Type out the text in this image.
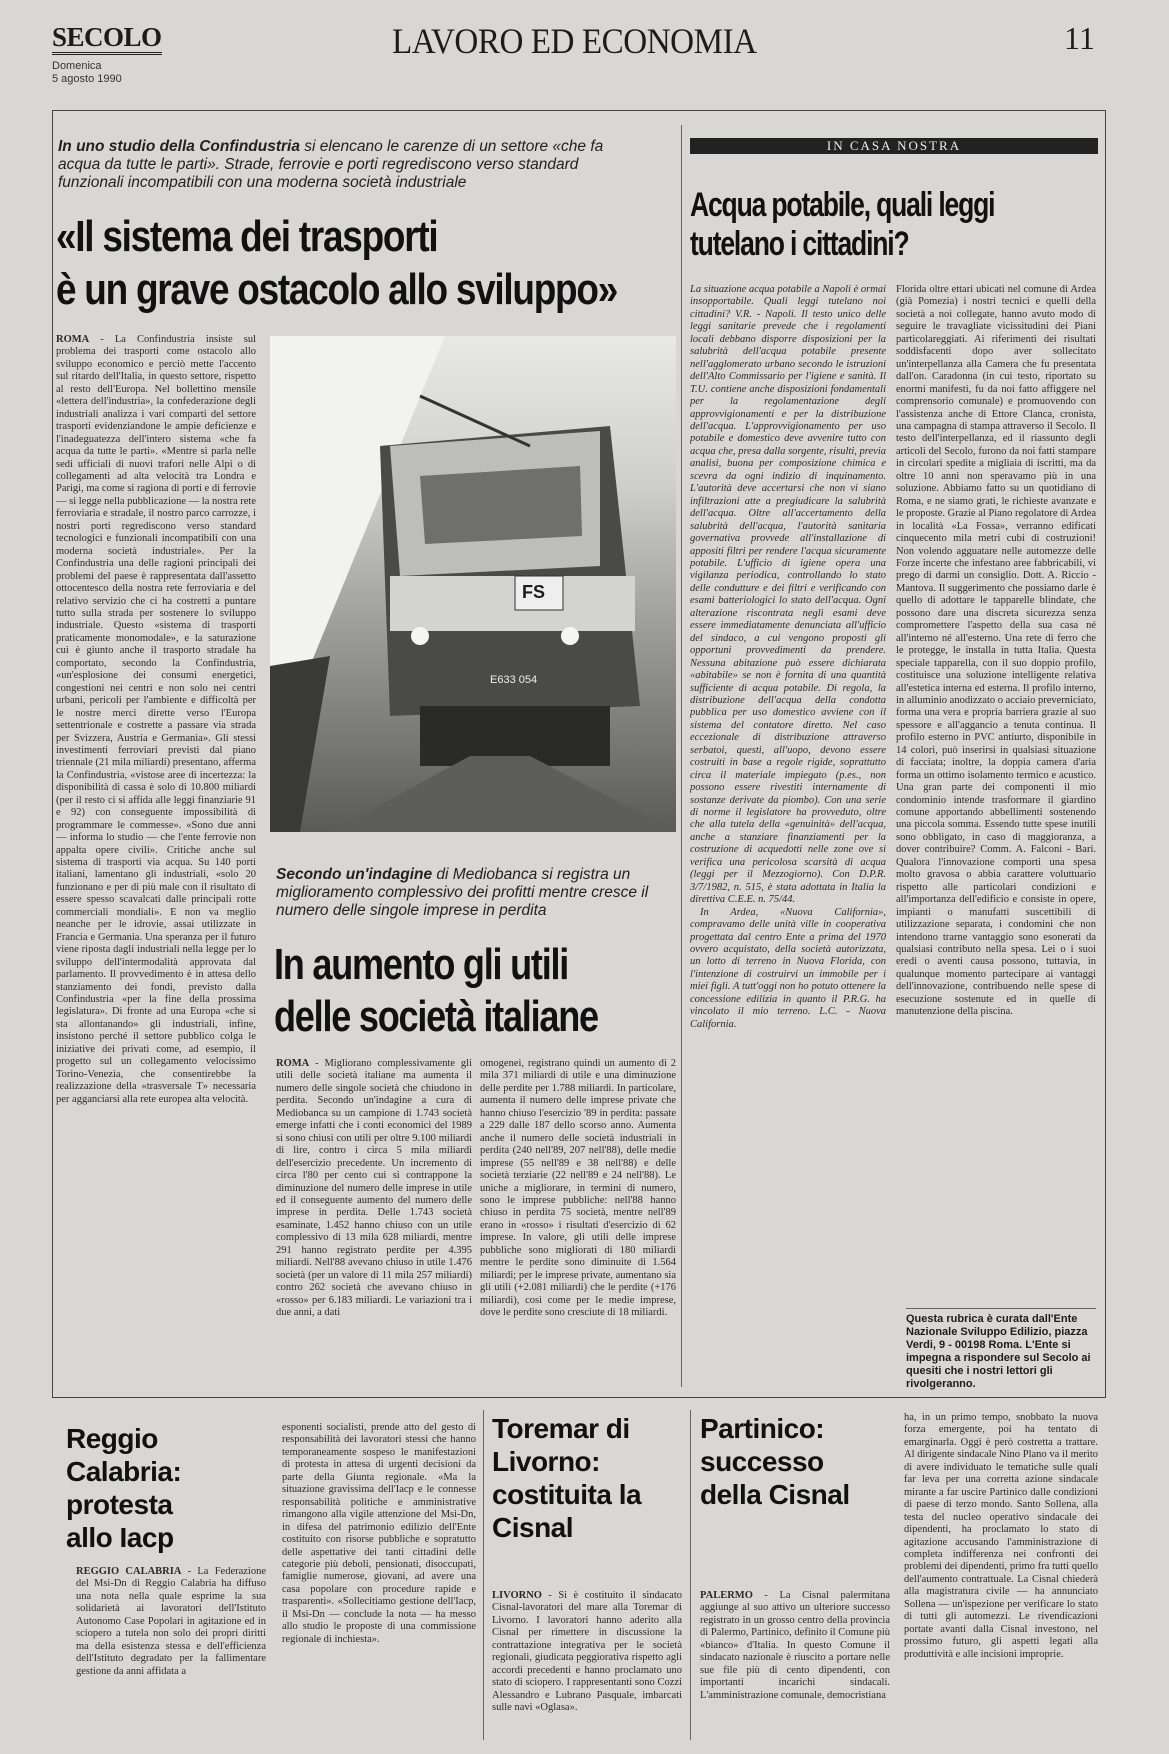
SECOLO
Domenica
5 agosto 1990
LAVORO ED ECONOMIA	11
In uno studio della Confindustria si elencano le carenze di un settore «che fa acqua da tutte le parti». Strade, ferrovie e porti regrediscono verso standard funzionali incompatibili con una moderna società industriale
«Il sistema dei trasporti
è un grave ostacolo allo sviluppo»

ROMA - La Confindustria insiste sul problema dei trasporti come ostacolo allo sviluppo economico e perciò mette l'accento sul ritardo dell'Italia, in questo settore, rispetto al resto dell'Europa. Nel bollettino mensile «lettera dell'industria», la confederazione degli industriali analizza i vari comparti del settore trasporti evidenziandone le ampie deficienze e l'inadeguatezza dell'intero sistema «che fa acqua da tutte le parti». «Mentre si parla nelle sedi ufficiali di nuovi trafori nelle Alpi o di collegamenti ad alta velocità tra Londra e Parigi, ma come si ragiona di porti e di ferrovie — si legge nella pubblicazione — la nostra rete ferroviaria e stradale, il nostro parco carrozze, i nostri porti regrediscono verso standard tecnologici e funzionali incompatibili con una moderna società industriale». Per la Confindustria una delle ragioni principali dei problemi del paese è rappresentata dall'assetto ottocentesco della nostra rete ferroviaria e del relativo servizio che ci ha costretti a puntare tutto sulla strada per sostenere lo sviluppo industriale. Questo «sistema di trasporti praticamente monomodale», e la saturazione cui è giunto anche il trasporto stradale ha comportato, secondo la Confindustria, «un'esplosione dei consumi energetici, congestioni nei centri e non solo nei centri urbani, pericoli per l'ambiente e difficoltà per le nostre merci dirette verso l'Europa settentrionale e costrette a passare via strada per Svizzera, Austria e Germania». Gli stessi investimenti ferroviari previsti dal piano triennale (21 mila miliardi) presentano, afferma la Confindustria, «vistose aree di incertezza: la disponibilità di cassa è solo di 10.800 miliardi (per il resto ci si affida alle leggi finanziarie 91 e 92) con conseguente impossibilità di programmare le commesse». «Sono due anni — informa lo studio — che l'ente ferrovie non appalta opere civili». Critiche anche sul sistema di trasporti via acqua. Su 140 porti italiani, lamentano gli industriali, «solo 20 funzionano e per di più male con il risultato di essere spesso scavalcati dalle principali rotte commerciali mondiali». E non va meglio neanche per le idrovie, assai utilizzate in Francia e Germania. Una speranza per il futuro viene riposta dagli industriali nella legge per lo sviluppo dell'intermodalità approvata dal parlamento. Il provvedimento è in attesa dello stanziamento dei fondi, previsto dalla Confindustria «per la fine della prossima legislatura». Di fronte ad una Europa «che si sta allontanando» gli industriali, infine, insistono perché il settore pubblico colga le iniziative dei privati come, ad esempio, il progetto sul un collegamento velocissimo Torino-Venezia, che consentirebbe la realizzazione della «trasversale T» necessaria per agganciarsi alla rete europea alta velocità.

FS
E633 054
Secondo un'indagine di Mediobanca si registra un miglioramento complessivo dei profitti mentre cresce il numero delle singole imprese in perdita
In aumento gli utili
delle società italiane

ROMA - Migliorano complessivamente gli utili delle società italiane ma aumenta il numero delle singole società che chiudono in perdita. Secondo un'indagine a cura di Mediobanca su un campione di 1.743 società emerge infatti che i conti economici del 1989 si sono chiusi con utili per oltre 9.100 miliardi di lire, contro i circa 5 mila miliardi dell'esercizio precedente. Un incremento di circa l'80 per cento cui si contrappone la diminuzione del numero delle imprese in utile ed il conseguente aumento del numero delle imprese in perdita. Delle 1.743 società esaminate, 1.452 hanno chiuso con un utile complessivo di 13 mila 628 miliardi, mentre 291 hanno registrato perdite per 4.395 miliardi. Nell'88 avevano chiuso in utile 1.476 società (per un valore di 11 mila 257 miliardi) contro 262 società che avevano chiuso in «rosso» per 6.183 miliardi. Le variazioni tra i due anni, a dati

omogenei, registrano quindi un aumento di 2 mila 371 miliardi di utile e una diminuzione delle perdite per 1.788 miliardi. In particolare, aumenta il numero delle imprese private che hanno chiuso l'esercizio '89 in perdita: passate a 229 dalle 187 dello scorso anno. Aumenta anche il numero delle società industriali in perdita (240 nell'89, 207 nell'88), delle medie imprese (55 nell'89 e 38 nell'88) e delle società terziarie (22 nell'89 e 24 nell'88). Le uniche a migliorare, in termini di numero, sono le imprese pubbliche: nell'88 hanno chiuso in perdita 75 società, mentre nell'89 erano in «rosso» i risultati d'esercizio di 62 imprese. In valore, gli utili delle imprese pubbliche sono migliorati di 180 miliardi mentre le perdite sono diminuite di 1.564 miliardi; per le imprese private, aumentano sia gli utili (+2.081 miliardi) che le perdite (+176 miliardi), così come per le medie imprese, dove le perdite sono cresciute di 18 miliardi.

IN CASA NOSTRA
Acqua potabile, quali leggi
tutelano i cittadini?

La situazione acqua potabile a Napoli è ormai insopportabile. Quali leggi tutelano noi cittadini? V.R. - Napoli. Il testo unico delle leggi sanitarie prevede che i regolamenti locali debbano disporre disposizioni per la salubrità dell'acqua potabile presente nell'agglomerato urbano secondo le istruzioni dell'Alto Commissario per l'igiene e sanità. Il T.U. contiene anche disposizioni fondamentali per la regolamentazione degli approvvigionamenti e per la distribuzione dell'acqua. L'approvvigionamento per uso potabile e domestico deve avvenire tutto con acqua che, presa dalla sorgente, risulti, previa analisi, buona per composizione chimica e scevra da ogni indizio di inquinamento. L'autorità deve accertarsi che non vi siano infiltrazioni atte a pregiudicare la salubrità dell'acqua. Oltre all'accertamento della salubrità dell'acqua, l'autorità sanitaria governativa provvede all'installazione di appositi filtri per rendere l'acqua sicuramente potabile. L'ufficio di igiene opera una vigilanza periodica, controllando lo stato delle condutture e dei filtri e verificando con esami batteriologici lo stato dell'acqua. Ogni alterazione riscontrata negli esami deve essere immediatamente denunciata all'ufficio del sindaco, a cui vengono proposti gli opportuni provvedimenti da prendere. Nessuna abitazione può essere dichiarata «abitabile» se non è fornita di una quantità sufficiente di acqua potabile. Di regola, la distribuzione dell'acqua della condotta pubblica per uso domestico avviene con il sistema del contatore diretto. Nel caso eccezionale di distribuzione attraverso serbatoi, questi, all'uopo, devono essere costruiti in base a regole rigide, soprattutto circa il materiale impiegato (p.es., non possono essere rivestiti internamente di sostanze derivate da piombo). Con una serie di norme il legislatore ha provveduto, oltre che alla tutela della «genuinità» dell'acqua, anche a stanziare finanziamenti per la costruzione di acquedotti nelle zone ove si verifica una pericolosa scarsità di acqua (leggi per il Mezzogiorno). Con D.P.R. 3/7/1982, n. 515, è stata adottata in Italia la direttiva C.E.E. n. 75/44.

In Ardea, «Nuova California», compravamo delle unità ville in cooperativa progettata dal centro Ente a prima del 1970 ovvero acquistato, della società autorizzata, un lotto di terreno in Nuova Florida, con l'intenzione di costruirvi un immobile per i miei figli. A tutt'oggi non ho potuto ottenere la concessione edilizia in quanto il P.R.G. ha vincolato il mio terreno. L.C. - Nuova California.

Florida oltre ettari ubicati nel comune di Ardea (già Pomezia) i nostri tecnici e quelli della società a noi collegate, hanno avuto modo di seguire le travagliate vicissitudini dei Piani particolareggiati. Ai riferimenti dei risultati soddisfacenti dopo aver sollecitato un'interpellanza alla Camera che fu presentata dall'on. Caradonna (in cui testo, riportato su enormi manifesti, fu da noi fatto affiggere nel comprensorio comunale) e promuovendo con l'assistenza anche di Ettore Clanca, cronista, una campagna di stampa attraverso il Secolo. Il testo dell'interpellanza, ed il riassunto degli articoli del Secolo, furono da noi fatti stampare in circolari spedite a migliaia di iscritti, ma da oltre 10 anni non speravamo più in una soluzione. Abbiamo fatto su un quotidiano di Roma, e ne siamo grati, le richieste avanzate e le proposte. Grazie al Piano regolatore di Ardea in località «La Fossa», verranno edificati cinquecento mila metri cubi di costruzioni! Non volendo agguatare nelle automezze delle Forze incerte che infestano aree fabbricabili, vi prego di darmi un consiglio. Dott. A. Riccio - Mantova. Il suggerimento che possiamo darle è quello di adottare le tapparelle blindate, che possono dare una discreta sicurezza senza compromettere l'aspetto della sua casa né all'interno né all'esterno. Una rete di ferro che le protegge, le installa in tutta Italia. Questa speciale tapparella, con il suo doppio profilo, costituisce una soluzione intelligente relativa all'estetica interna ed esterna. Il profilo interno, in alluminio anodizzato o acciaio preverniciato, forma una vera e propria barriera grazie al suo spessore e all'aggancio a tenuta continua. Il profilo esterno in PVC antiurto, disponibile in 14 colori, può inserirsi in qualsiasi situazione di facciata; inoltre, la doppia camera d'aria forma un ottimo isolamento termico e acustico. Una gran parte dei componenti il mio condominio intende trasformare il giardino comune apportando abbellimenti sostenendo una piccola somma. Essendo tutte spese inutili sono obbligato, in caso di maggioranza, a dover contribuire? Comm. A. Falconi - Bari. Qualora l'innovazione comporti una spesa molto gravosa o abbia carattere voluttuario rispetto alle particolari condizioni e all'importanza dell'edificio e consiste in opere, impianti o manufatti suscettibili di utilizzazione separata, i condomini che non intendono trarne vantaggio sono esonerati da qualsiasi contributo nella spesa. Lei o i suoi eredi o aventi causa possono, tuttavia, in qualunque momento partecipare ai vantaggi dell'innovazione, contribuendo nelle spese di esecuzione sostenute ed in quelle di manutenzione della piscina.

Questa rubrica è curata dall'Ente Nazionale Sviluppo Edilizio, piazza Verdi, 9 - 00198 Roma. L'Ente si impegna a rispondere sul Secolo ai quesiti che i nostri lettori gli rivolgeranno.
Reggio Calabria: protesta allo Iacp

REGGIO CALABRIA - La Federazione del Msi-Dn di Reggio Calabria ha diffuso una nota nella quale esprime la sua solidarietà ai lavoratori dell'Istituto Autonomo Case Popolari in agitazione ed in sciopero a tutela non solo dei propri diritti ma della esistenza stessa e dell'efficienza dell'Istituto degradato per la fallimentare gestione da anni affidata a

esponenti socialisti, prende atto del gesto di responsabilità dei lavoratori stessi che hanno temporaneamente sospeso le manifestazioni di protesta in attesa di urgenti decisioni da parte della Giunta regionale. «Ma la situazione gravissima dell'Iacp e le connesse responsabilità politiche e amministrative rimangono alla vigile attenzione del Msi-Dn, in difesa del patrimonio edilizio dell'Ente costituito con risorse pubbliche e sopratutto delle aspettative dei tanti cittadini delle categorie più deboli, pensionati, disoccupati, famiglie numerose, giovani, ad avere una casa popolare con procedure rapide e trasparenti». «Sollecitiamo gestione dell'Iacp, il Msi-Dn — conclude la nota — ha messo allo studio le proposte di una commissione regionale di inchiesta».

Toremar di Livorno: costituita la Cisnal

LIVORNO - Si è costituito il sindacato Cisnal-lavoratori del mare alla Toremar di Livorno. I lavoratori hanno aderito alla Cisnal per rimettere in discussione la contrattazione integrativa per le società regionali, giudicata peggiorativa rispetto agli accordi precedenti e hanno proclamato uno stato di sciopero. I rappresentanti sono Cozzi Alessandro e Lubrano Pasquale, imbarcati sulle navi «Oglasa».

Partinico: successo della Cisnal

PALERMO - La Cisnal palermitana aggiunge al suo attivo un ulteriore successo registrato in un grosso centro della provincia di Palermo, Partinico, definito il Comune più «bianco» d'Italia. In questo Comune il sindacato nazionale è riuscito a portare nelle sue file più di cento dipendenti, con importanti incarichi sindacali. L'amministrazione comunale, democristiana

ha, in un primo tempo, snobbato la nuova forza emergente, poi ha tentato di emarginarla. Oggi è però costretta a trattare. Al dirigente sindacale Nino Plano va il merito di avere individuato le tematiche sulle quali far leva per una corretta azione sindacale mirante a far uscire Partinico dalle condizioni di paese di terzo mondo. Santo Sollena, alla testa del nucleo operativo sindacale dei dipendenti, ha proclamato lo stato di agitazione accusando l'amministrazione di completa indifferenza nei confronti dei problemi dei dipendenti, primo fra tutti quello dell'aumento contrattuale. La Cisnal chiederà alla magistratura civile — ha annunciato Sollena — un'ispezione per verificare lo stato di tutti gli automezzi. Le rivendicazioni portate avanti dalla Cisnal investono, nel prossimo futuro, gli aspetti legati alla produttività e alle incisioni improprie.
